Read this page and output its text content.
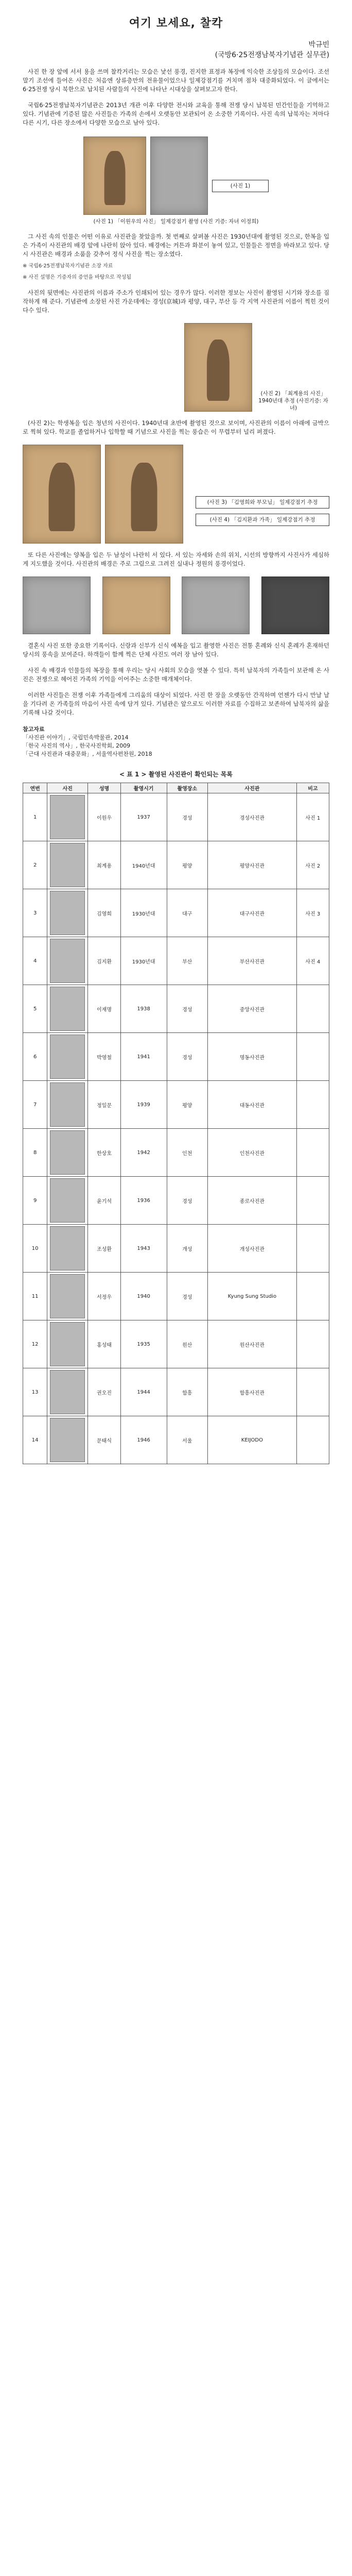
여기 보세요, 찰칵
박규빈
(국방6·25전쟁남북자기념관 실무관)

사진 한 장 앞에 서서 용을 쓰며 찰칵거리는 모습은 낯선 풍경, 진지한 표정과 복장에 익숙한 조상들의 모습이다. 조선 말기 조선에 들어온 사진은 처음엔 상류층만의 전유물이었으나 일제강점기를 거치며 점차 대중화되었다. 이 글에서는 6·25전쟁 당시 북한으로 납치된 사람들의 사진에 나타난 시대상을 살펴보고자 한다.

국립6·25전쟁납북자기념관은 2013년 개관 이후 다양한 전시와 교육을 통해 전쟁 당시 납북된 민간인들을 기억하고 있다. 기념관에 기증된 많은 사진들은 가족의 손에서 오랫동안 보관되어 온 소중한 기록이다. 사진 속의 납북자는 저마다 다른 시기, 다른 장소에서 다양한 모습으로 남아 있다.

(사진 1)
(사진 1) 「이원우의 사진」 일제강점기 촬영 (사진 기증: 자녀 이정희)

그 사진 속의 인물은 어떤 이유로 사진관을 찾았을까. 첫 번째로 살펴볼 사진은 1930년대에 촬영된 것으로, 한복을 입은 가족이 사진관의 배경 앞에 나란히 앉아 있다. 배경에는 커튼과 화분이 놓여 있고, 인물들은 정면을 바라보고 있다. 당시 사진관은 배경과 소품을 갖추어 정식 사진을 찍는 장소였다.

※ 국립6·25전쟁납북자기념관 소장 자료
※ 사진 설명은 기증자의 증언을 바탕으로 작성됨

사진의 뒷면에는 사진관의 이름과 주소가 인쇄되어 있는 경우가 많다. 이러한 정보는 사진이 촬영된 시기와 장소를 짐작하게 해 준다. 기념관에 소장된 사진 가운데에는 경성(京城)과 평양, 대구, 부산 등 각 지역 사진관의 이름이 찍힌 것이 다수 있다.

(사진 2) 「최계용의 사진」 1940년대 추정 (사진기증: 자녀)

(사진 2)는 학생복을 입은 청년의 사진이다. 1940년대 초반에 촬영된 것으로 보이며, 사진관의 이름이 아래에 금박으로 찍혀 있다. 학교를 졸업하거나 입학할 때 기념으로 사진을 찍는 풍습은 이 무렵부터 널리 퍼졌다.

(사진 3) 「김영희와 부모님」 일제강점기 추정
(사진 4) 「김지환과 가족」 일제강점기 추정

또 다른 사진에는 양복을 입은 두 남성이 나란히 서 있다. 서 있는 자세와 손의 위치, 시선의 방향까지 사진사가 세심하게 지도했을 것이다. 사진관의 배경은 주로 그림으로 그려진 실내나 정원의 풍경이었다.

결혼식 사진 또한 중요한 기록이다. 신랑과 신부가 신식 예복을 입고 촬영한 사진은 전통 혼례와 신식 혼례가 혼재하던 당시의 풍속을 보여준다. 하객들이 함께 찍은 단체 사진도 여러 장 남아 있다.

사진 속 배경과 인물들의 복장을 통해 우리는 당시 사회의 모습을 엿볼 수 있다. 특히 납북자의 가족들이 보관해 온 사진은 전쟁으로 헤어진 가족의 기억을 이어주는 소중한 매개체이다.

이러한 사진들은 전쟁 이후 가족들에게 그리움의 대상이 되었다. 사진 한 장을 오랫동안 간직하며 언젠가 다시 만날 날을 기다려 온 가족들의 마음이 사진 속에 담겨 있다. 기념관은 앞으로도 이러한 자료를 수집하고 보존하여 납북자의 삶을 기록해 나갈 것이다.

참고자료
「사진관 이야기」, 국립민속박물관, 2014
「한국 사진의 역사」, 한국사진학회, 2009
「근대 사진관과 대중문화」, 서울역사편찬원, 2018
< 표 1 > 촬영된 사진관이 확인되는 목록
연번	사진	성명	촬영시기	촬영장소	사진관	비고
1		이원우	1937	경성	경성사진관	사진 1
2		최계용	1940년대	평양	평양사진관	사진 2
3		김영희	1930년대	대구	대구사진관	사진 3
4		김지환	1930년대	부산	부산사진관	사진 4
5		이재명	1938	경성	중앙사진관	
6		박영철	1941	경성	명동사진관	
7		정일문	1939	평양	대동사진관	
8		한상호	1942	인천	인천사진관	
9		윤기석	1936	경성	종로사진관	
10		조성환	1943	개성	개성사진관	
11		서정우	1940	경성	Kyung Sung Studio	
12		홍성태	1935	원산	원산사진관	
13		권오진	1944	함흥	함흥사진관	
14		문태식	1946	서울	KEIJODO	
